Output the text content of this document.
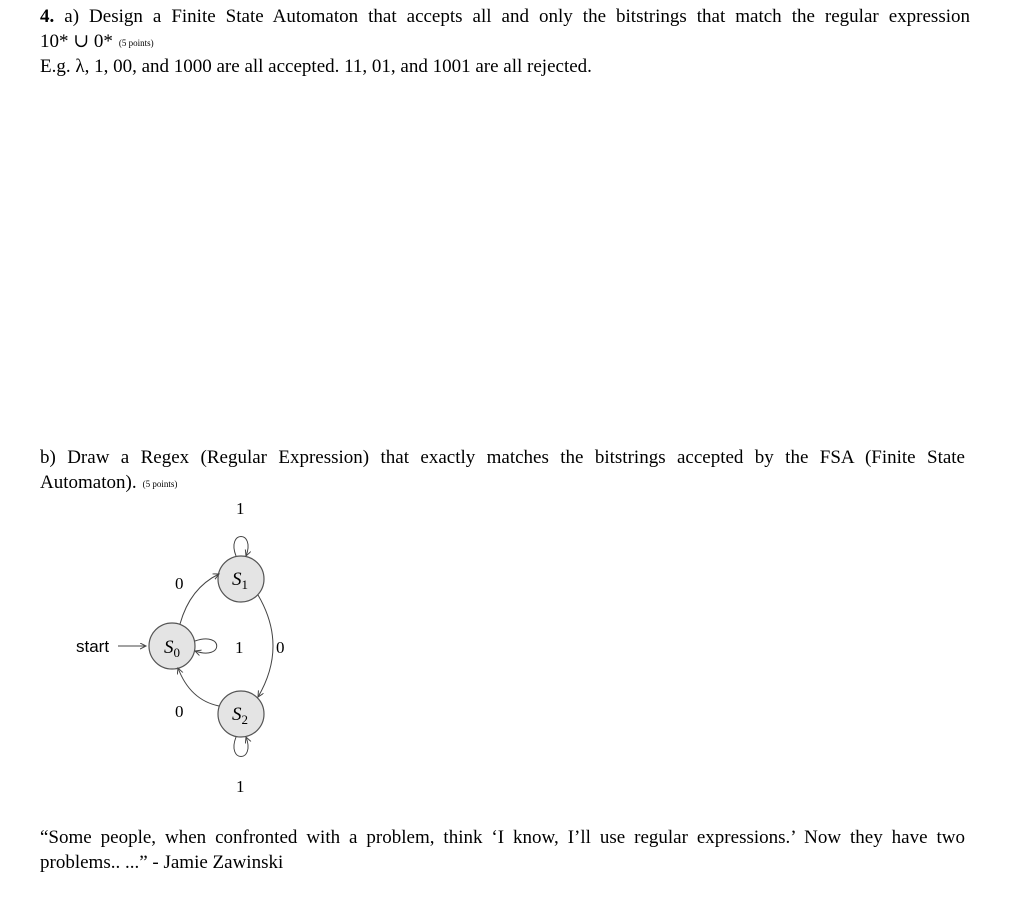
4. a) Design a Finite State Automaton that accepts all and only the bitstrings that match the regular expression
10* ∪ 0* (5 points)
E.g. λ, 1, 00, and 1000 are all accepted. 11, 01, and 1001 are all rejected.
b) Draw a Regex (Regular Expression) that exactly matches the bitstrings accepted by the FSA (Finite State
Automaton). (5 points)
start	$S_0$
$S_1$
$S_2$
0
0
1
1
1 0
“Some people, when confronted with a problem, think ‘I know, I’ll use regular expressions.’ Now they have two
problems.. ...” - Jamie Zawinski
